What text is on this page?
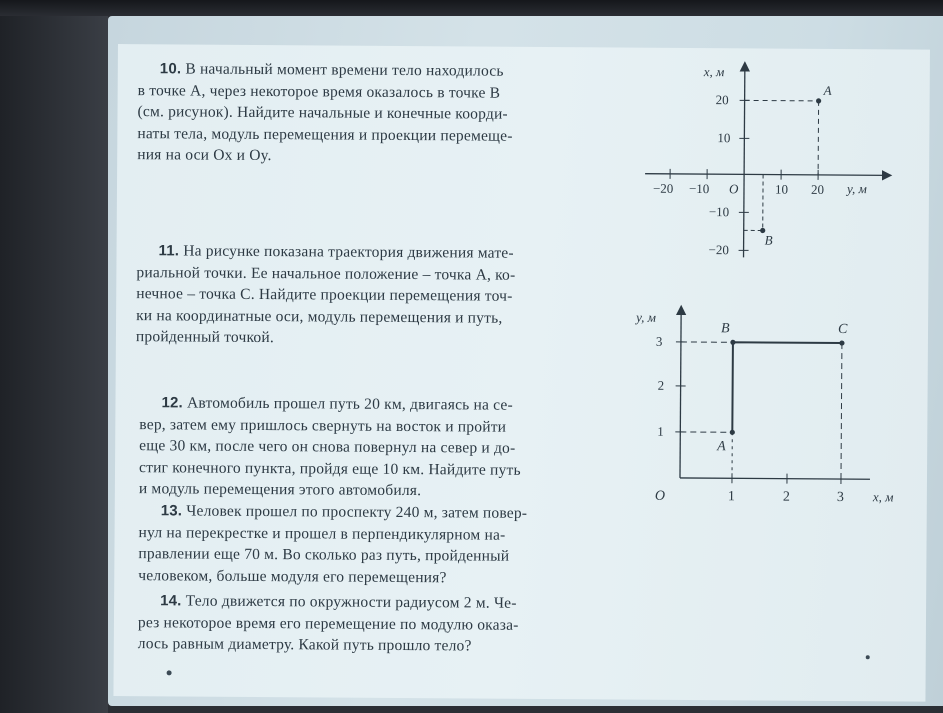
10. В начальный момент времени тело находилось

в точке A, через некоторое время оказалось в точке B

(см. рисунок). Найдите начальные и конечные коорди-

наты тела, модуль перемещения и проекции перемеще-

ния на оси Ox и Oy.

11. На рисунке показана траектория движения мате-

риальной точки. Ее начальное положение – точка A, ко-

нечное – точка C. Найдите проекции перемещения точ-

ки на координатные оси, модуль перемещения и путь,

пройденный точкой.

12. Автомобиль прошел путь 20 км, двигаясь на се-

вер, затем ему пришлось свернуть на восток и пройти

еще 30 км, после чего он снова повернул на север и до-

стиг конечного пункта, пройдя еще 10 км. Найдите путь

и модуль перемещения этого автомобиля.

13. Человек прошел по проспекту 240 м, затем повер-

нул на перекрестке и прошел в перпендикулярном на-

правлении еще 70 м. Во сколько раз путь, пройденный

человеком, больше модуля его перемещения?

14. Тело движется по окружности радиусом 2 м. Че-

рез некоторое время его перемещение по модулю оказа-

лось равным диаметру. Какой путь прошло тело?

x, м
y, м
20
10
−10
−20
−20 −10 O	10 20
A
B
y, м
x, м
O
1
2
3
1	2	3
A
B	C
